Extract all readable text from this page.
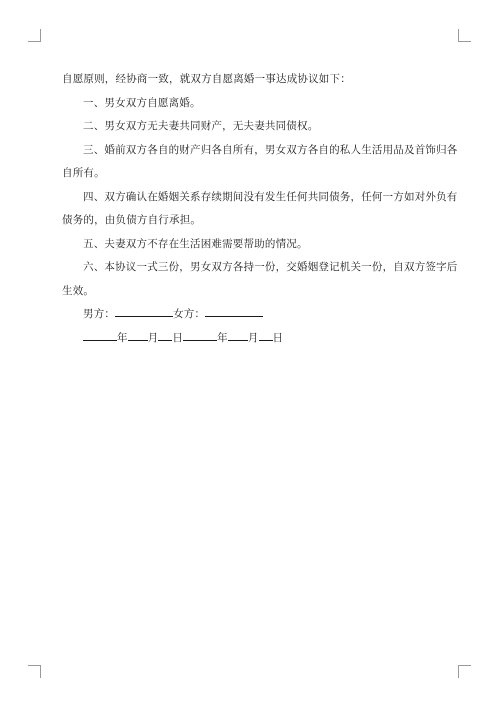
自愿原则，经协商一致，就双方自愿离婚一事达成协议如下：

一、男女双方自愿离婚。

二、男女双方无夫妻共同财产，无夫妻共同债权。

三、婚前双方各自的财产归各自所有，男女双方各自的私人生活用品及首饰归各
自所有。

四、双方确认在婚姻关系存续期间没有发生任何共同债务，任何一方如对外负有
债务的，由负债方自行承担。

五、夫妻双方不存在生活困难需要帮助的情况。

六、本协议一式三份，男女双方各持一份，交婚姻登记机关一份，自双方签字后
生效。

男方：	女方：

年 月 日	年 月 日
